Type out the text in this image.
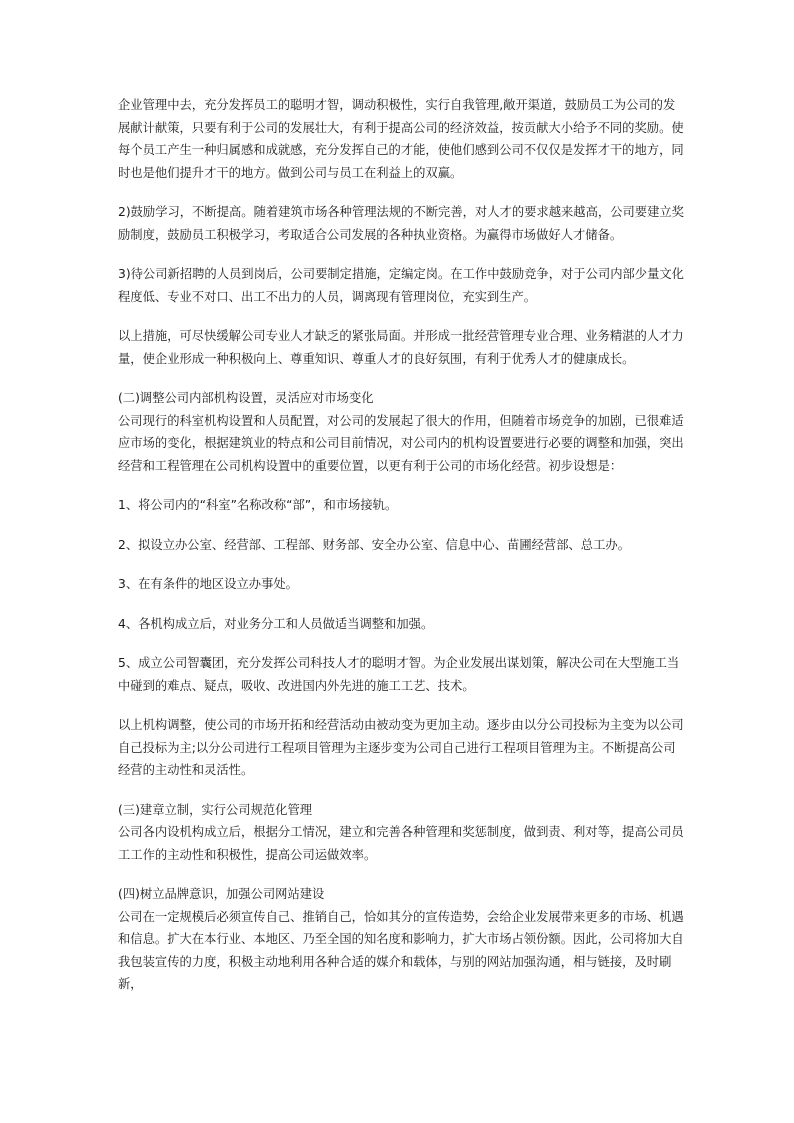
企业管理中去，充分发挥员工的聪明才智，调动积极性，实行自我管理,敞开渠道，鼓励员工为公司的发展献计献策，只要有利于公司的发展壮大，有利于提高公司的经济效益，按贡献大小给予不同的奖励。使每个员工产生一种归属感和成就感，充分发挥自己的才能，使他们感到公司不仅仅是发挥才干的地方，同时也是他们提升才干的地方。做到公司与员工在利益上的双赢。

2)鼓励学习，不断提高。随着建筑市场各种管理法规的不断完善，对人才的要求越来越高，公司要建立奖励制度，鼓励员工积极学习，考取适合公司发展的各种执业资格。为赢得市场做好人才储备。

3)待公司新招聘的人员到岗后，公司要制定措施，定编定岗。在工作中鼓励竞争，对于公司内部少量文化程度低、专业不对口、出工不出力的人员，调离现有管理岗位，充实到生产。

以上措施，可尽快缓解公司专业人才缺乏的紧张局面。并形成一批经营管理专业合理、业务精湛的人才力量，使企业形成一种积极向上、尊重知识、尊重人才的良好氛围，有利于优秀人才的健康成长。

(二)调整公司内部机构设置，灵活应对市场变化

公司现行的科室机构设置和人员配置，对公司的发展起了很大的作用，但随着市场竞争的加剧，已很难适应市场的变化，根据建筑业的特点和公司目前情况，对公司内的机构设置要进行必要的调整和加强，突出经营和工程管理在公司机构设置中的重要位置，以更有利于公司的市场化经营。初步设想是：

1、将公司内的“科室”名称改称“部”，和市场接轨。

2、拟设立办公室、经营部、工程部、财务部、安全办公室、信息中心、苗圃经营部、总工办。

3、在有条件的地区设立办事处。

4、各机构成立后，对业务分工和人员做适当调整和加强。

5、成立公司智囊团，充分发挥公司科技人才的聪明才智。为企业发展出谋划策，解决公司在大型施工当中碰到的难点、疑点，吸收、改进国内外先进的施工工艺、技术。

以上机构调整，使公司的市场开拓和经营活动由被动变为更加主动。逐步由以分公司投标为主变为以公司自己投标为主;以分公司进行工程项目管理为主逐步变为公司自己进行工程项目管理为主。不断提高公司经营的主动性和灵活性。

(三)建章立制，实行公司规范化管理

公司各内设机构成立后，根据分工情况，建立和完善各种管理和奖惩制度，做到责、利对等，提高公司员工工作的主动性和积极性，提高公司运做效率。

(四)树立品牌意识，加强公司网站建设

公司在一定规模后必须宣传自己、推销自己，恰如其分的宣传造势，会给企业发展带来更多的市场、机遇和信息。扩大在本行业、本地区、乃至全国的知名度和影响力，扩大市场占领份额。因此，公司将加大自我包装宣传的力度，积极主动地利用各种合适的媒介和载体，与别的网站加强沟通，相与链接，及时刷新，
